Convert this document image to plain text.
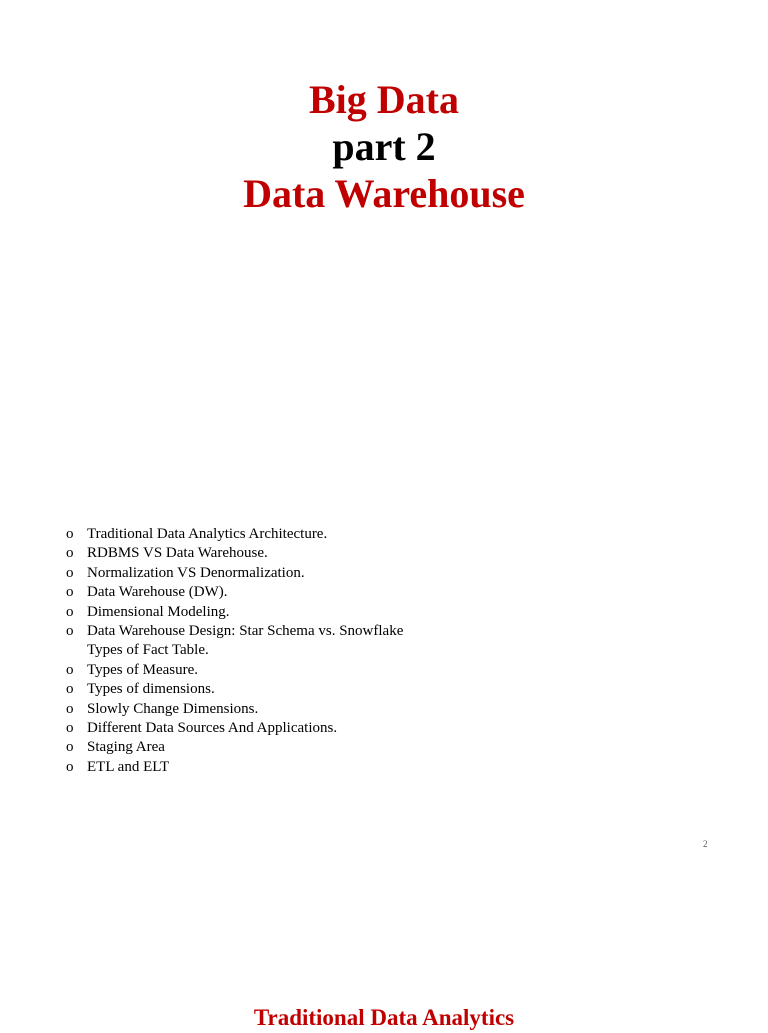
Big Data
part 2
Data Warehouse
o Traditional Data Analytics Architecture.
o RDBMS VS Data Warehouse.
o Normalization VS Denormalization.
o Data Warehouse (DW).
o Dimensional Modeling.
o Data Warehouse Design: Star Schema vs. Snowflake
Types of Fact Table.
o Types of Measure.
o Types of dimensions.
o Slowly Change Dimensions.
o Different Data Sources And Applications.
o Staging Area
o ETL and ELT
2
Traditional Data Analytics
